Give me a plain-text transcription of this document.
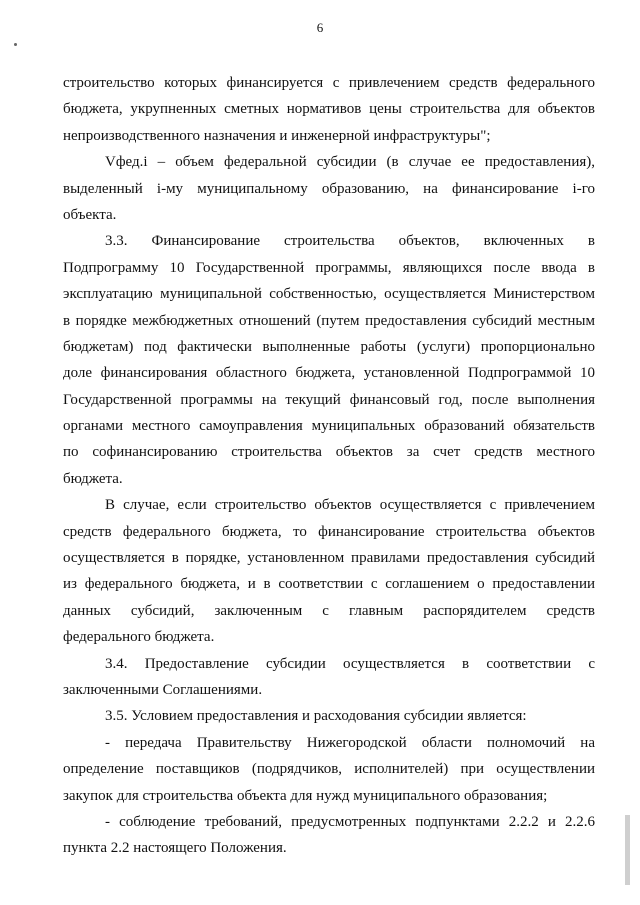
6
строительство которых финансируется с привлечением средств федерального
бюджета, укрупненных сметных нормативов цены строительства для объектов
непроизводственного назначения и инженерной инфраструктуры";
Vфед.i – объем федеральной субсидии (в случае ее предоставления),
выделенный i-му муниципальному образованию, на финансирование i-го
объекта.
3.3. Финансирование строительства объектов, включенных в
Подпрограмму 10 Государственной программы, являющихся после ввода в
эксплуатацию муниципальной собственностью, осуществляется Министерством
в порядке межбюджетных отношений (путем предоставления субсидий местным
бюджетам) под фактически выполненные работы (услуги) пропорционально
доле финансирования областного бюджета, установленной Подпрограммой 10
Государственной программы на текущий финансовый год, после выполнения
органами местного самоуправления муниципальных образований обязательств
по софинансированию строительства объектов за счет средств местного
бюджета.
В случае, если строительство объектов осуществляется с привлечением
средств федерального бюджета, то финансирование строительства объектов
осуществляется в порядке, установленном правилами предоставления субсидий
из федерального бюджета, и в соответствии с соглашением о предоставлении
данных субсидий, заключенным с главным распорядителем средств
федерального бюджета.
3.4. Предоставление субсидии осуществляется в соответствии с
заключенными Соглашениями.
3.5. Условием предоставления и расходования субсидии является:
- передача Правительству Нижегородской области полномочий на
определение поставщиков (подрядчиков, исполнителей) при осуществлении
закупок для строительства объекта для нужд муниципального образования;
- соблюдение требований, предусмотренных подпунктами 2.2.2 и 2.2.6
пункта 2.2 настоящего Положения.
